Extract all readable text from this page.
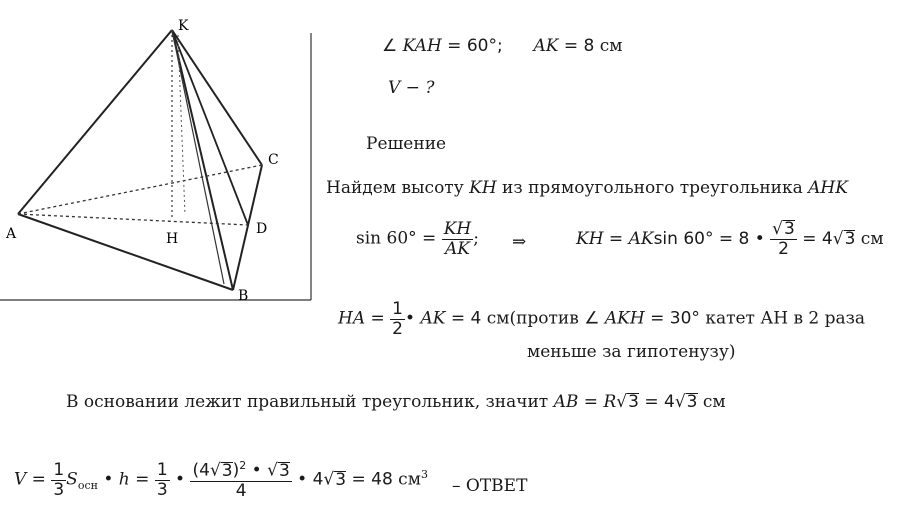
K
A
C
H
D
B
∠ KAH = 60°; AK = 8 см
V − ?
Решение
Найдем высоту KH из прямоугольного треугольника AHK
$\sin 60^\circ = \frac{KH}{AK}$ ; ⇒	KH = AKsin 60° = 8 • $\frac{√3}{2} = 4√3$ см
HA = $\frac{1}{2}$ • AK = 4 см(против ∠ AKH = 30° катет АН в 2 раза
меньше за гипотенузу)
В основании лежит правильный треугольник, значит AB = R√3 = 4√3 см
$V = \frac{1}{3} S_{осн}$ • $h = \frac{1}{3}$ • $\frac{(4√3)^2 • √3}{4}$ • 4√3 = 48 $см^3$
– ОТВЕТ
